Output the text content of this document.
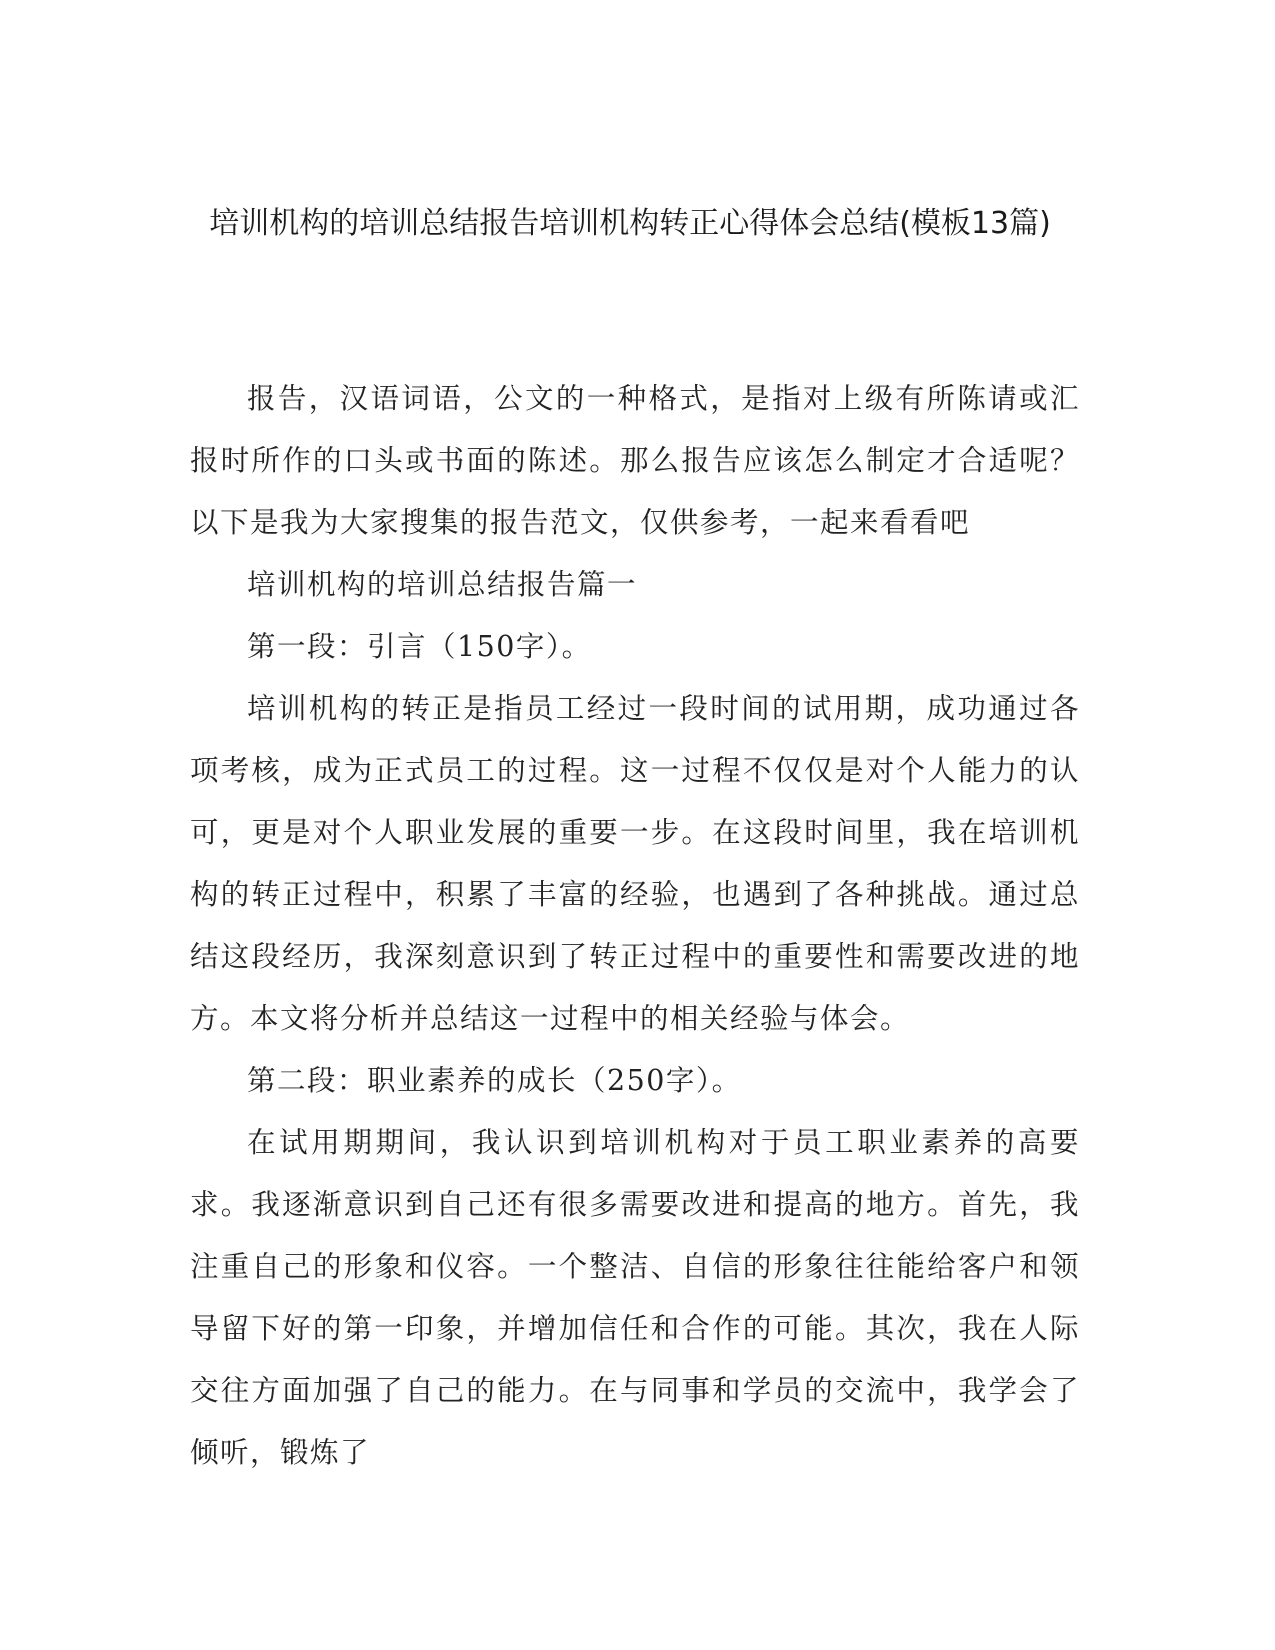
培训机构的培训总结报告培训机构转正心得体会总结(模板13篇)

报告，汉语词语，公文的一种格式，是指对上级有所陈请或汇报时所作的口头或书面的陈述。那么报告应该怎么制定才合适呢？以下是我为大家搜集的报告范文，仅供参考，一起来看看吧

培训机构的培训总结报告篇一

第一段：引言（150字）。

培训机构的转正是指员工经过一段时间的试用期，成功通过各项考核，成为正式员工的过程。这一过程不仅仅是对个人能力的认可，更是对个人职业发展的重要一步。在这段时间里，我在培训机构的转正过程中，积累了丰富的经验，也遇到了各种挑战。通过总结这段经历，我深刻意识到了转正过程中的重要性和需要改进的地方。本文将分析并总结这一过程中的相关经验与体会。

第二段：职业素养的成长（250字）。

在试用期期间，我认识到培训机构对于员工职业素养的高要求。我逐渐意识到自己还有很多需要改进和提高的地方。首先，我注重自己的形象和仪容。一个整洁、自信的形象往往能给客户和领导留下好的第一印象，并增加信任和合作的可能。其次，我在人际交往方面加强了自己的能力。在与同事和学员的交流中，我学会了倾听，锻炼了
